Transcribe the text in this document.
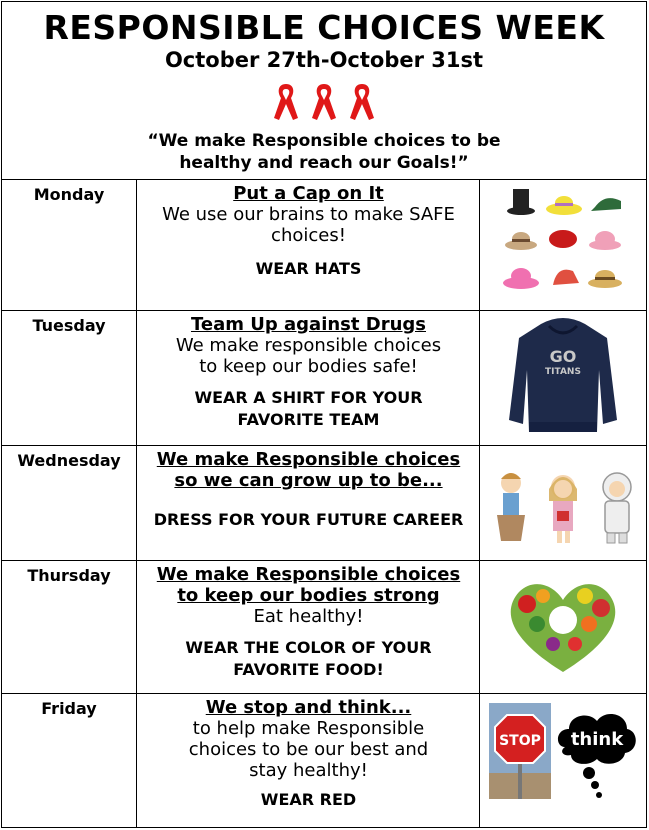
RESPONSIBLE CHOICES WEEK
October 27th-October 31st
“We make Responsible choices to be
healthy and reach our Goals!”
Monday	Put a Cap on It
We use our brains to make SAFE
choices!
WEAR HATS
Tuesday	Team Up against Drugs
We make responsible choices
to keep our bodies safe!
WEAR A SHIRT FOR YOUR
FAVORITE TEAM
GO
TITANS
Wednesday	We make Responsible choices
so we can grow up to be...
DRESS FOR YOUR FUTURE CAREER
Thursday	We make Responsible choices
to keep our bodies strong
Eat healthy!
WEAR THE COLOR OF YOUR
FAVORITE FOOD!
Friday	We stop and think...
to help make Responsible
choices to be our best and
stay healthy!
WEAR RED
STOP think
